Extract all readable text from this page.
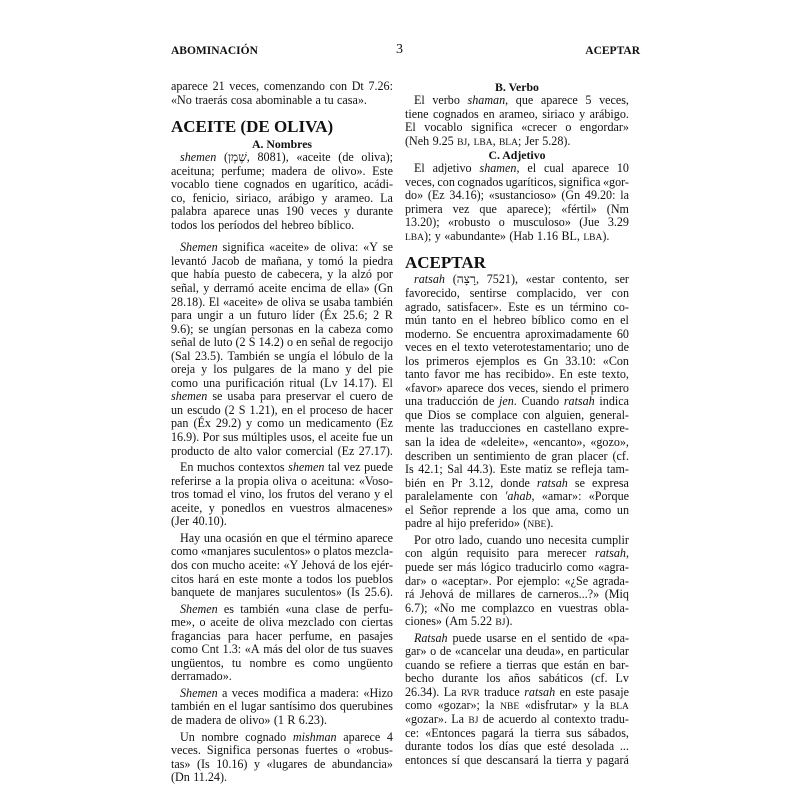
ABOMINACIÓN	3	ACEPTAR
aparece 21 veces, comenzando con Dt 7.26:
«No traerás cosa abominable a tu casa».
ACEITE (DE OLIVA)
A. Nombres
shemen (שֶׁמֶן, 8081), «aceite (de oliva);
aceituna; perfume; madera de olivo». Este
vocablo tiene cognados en ugarítico, acádi-
co, fenicio, siriaco, arábigo y arameo. La
palabra aparece unas 190 veces y durante
todos los períodos del hebreo bíblico.
Shemen significa «aceite» de oliva: «Y se
levantó Jacob de mañana, y tomó la piedra
que había puesto de cabecera, y la alzó por
señal, y derramó aceite encima de ella» (Gn
28.18). El «aceite» de oliva se usaba también
para ungir a un futuro líder (Éx 25.6; 2 R
9.6); se ungían personas en la cabeza como
señal de luto (2 S 14.2) o en señal de regocijo
(Sal 23.5). También se ungía el lóbulo de la
oreja y los pulgares de la mano y del pie
como una purificación ritual (Lv 14.17). El
shemen se usaba para preservar el cuero de
un escudo (2 S 1.21), en el proceso de hacer
pan (Éx 29.2) y como un medicamento (Ez
16.9). Por sus múltiples usos, el aceite fue un
producto de alto valor comercial (Ez 27.17).
En muchos contextos shemen tal vez puede
referirse a la propia oliva o aceituna: «Voso-
tros tomad el vino, los frutos del verano y el
aceite, y ponedlos en vuestros almacenes»
(Jer 40.10).
Hay una ocasión en que el término aparece
como «manjares suculentos» o platos mezcla-
dos con mucho aceite: «Y Jehová de los ejér-
citos hará en este monte a todos los pueblos
banquete de manjares suculentos» (Is 25.6).
Shemen es también «una clase de perfu-
me», o aceite de oliva mezclado con ciertas
fragancias para hacer perfume, en pasajes
como Cnt 1.3: «A más del olor de tus suaves
ungüentos, tu nombre es como ungüento
derramado».
Shemen a veces modifica a madera: «Hizo
también en el lugar santísimo dos querubines
de madera de olivo» (1 R 6.23).
Un nombre cognado mishman aparece 4
veces. Significa personas fuertes o «robus-
tas» (Is 10.16) y «lugares de abundancia»
(Dn 11.24).
B. Verbo
El verbo shaman, que aparece 5 veces,
tiene cognados en arameo, siriaco y arábigo.
El vocablo significa «crecer o engordar»
(Neh 9.25 BJ, LBA, BLA; Jer 5.28).
C. Adjetivo
El adjetivo shamen, el cual aparece 10
veces, con cognados ugaríticos, significa «gor-
do» (Ez 34.16); «sustancioso» (Gn 49.20: la
primera vez que aparece); «fértil» (Nm
13.20); «robusto o musculoso» (Jue 3.29
LBA); y «abundante» (Hab 1.16 BL, LBA).
ACEPTAR
ratsah (רָצָה, 7521), «estar contento, ser
favorecido, sentirse complacido, ver con
agrado, satisfacer». Este es un término co-
mún tanto en el hebreo bíblico como en el
moderno. Se encuentra aproximadamente 60
veces en el texto veterotestamentario; uno de
los primeros ejemplos es Gn 33.10: «Con
tanto favor me has recibido». En este texto,
«favor» aparece dos veces, siendo el primero
una traducción de jen. Cuando ratsah indica
que Dios se complace con alguien, general-
mente las traducciones en castellano expre-
san la idea de «deleite», «encanto», «gozo»,
describen un sentimiento de gran placer (cf.
Is 42.1; Sal 44.3). Este matiz se refleja tam-
bién en Pr 3.12, donde ratsah se expresa
paralelamente con 'ahab, «amar»: «Porque
el Señor reprende a los que ama, como un
padre al hijo preferido» (NBE).
Por otro lado, cuando uno necesita cumplir
con algún requisito para merecer ratsah,
puede ser más lógico traducirlo como «agra-
dar» o «aceptar». Por ejemplo: «¿Se agrada-
rá Jehová de millares de carneros...?» (Miq
6.7); «No me complazco en vuestras obla-
ciones» (Am 5.22 BJ).
Ratsah puede usarse en el sentido de «pa-
gar» o de «cancelar una deuda», en particular
cuando se refiere a tierras que están en bar-
becho durante los años sabáticos (cf. Lv
26.34). La RVR traduce ratsah en este pasaje
como «gozar»; la NBE «disfrutar» y la BLA
«gozar». La BJ de acuerdo al contexto tradu-
ce: «Entonces pagará la tierra sus sábados,
durante todos los días que esté desolada ...
entonces sí que descansará la tierra y pagará
